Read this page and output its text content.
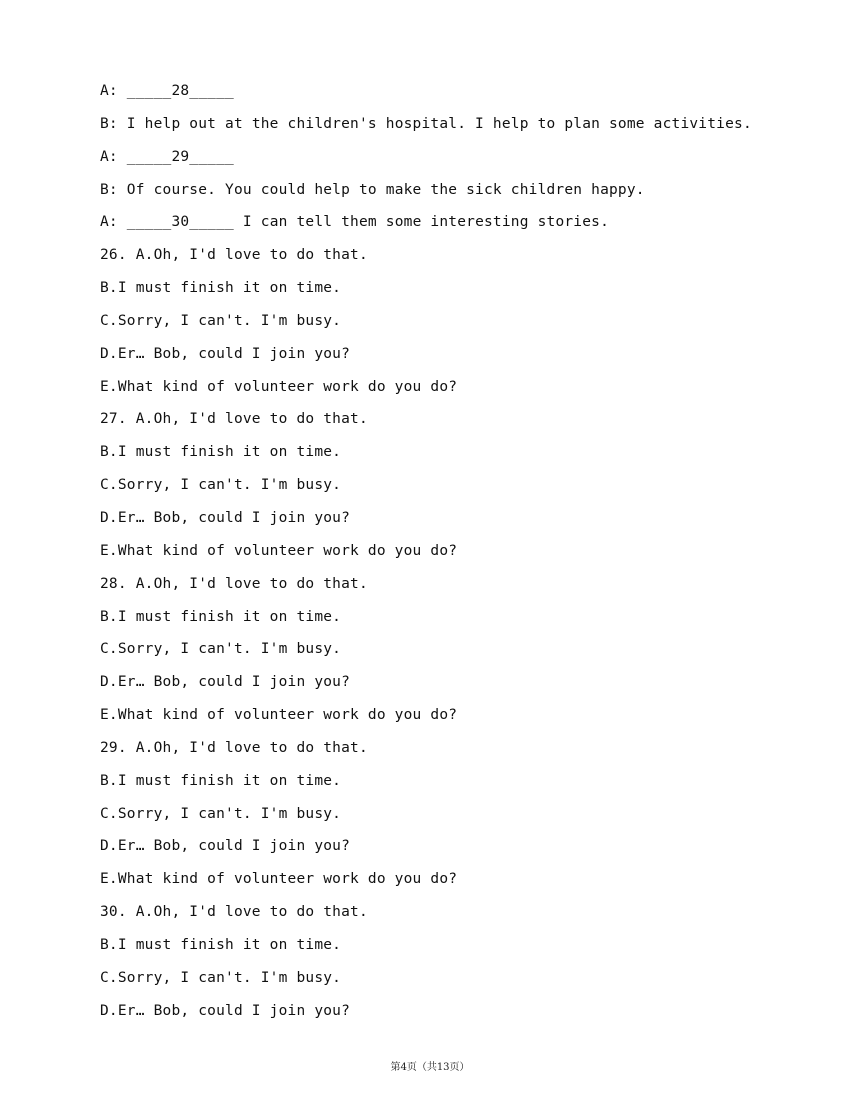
A: _____28_____
B: I help out at the children's hospital. I help to plan some activities.
A: _____29_____
B: Of course. You could help to make the sick children happy.
A: _____30_____ I can tell them some interesting stories.
26. A.Oh, I'd love to do that.
B.I must finish it on time.
C.Sorry, I can't. I'm busy.
D.Er… Bob, could I join you?
E.What kind of volunteer work do you do?
27. A.Oh, I'd love to do that.
B.I must finish it on time.
C.Sorry, I can't. I'm busy.
D.Er… Bob, could I join you?
E.What kind of volunteer work do you do?
28. A.Oh, I'd love to do that.
B.I must finish it on time.
C.Sorry, I can't. I'm busy.
D.Er… Bob, could I join you?
E.What kind of volunteer work do you do?
29. A.Oh, I'd love to do that.
B.I must finish it on time.
C.Sorry, I can't. I'm busy.
D.Er… Bob, could I join you?
E.What kind of volunteer work do you do?
30. A.Oh, I'd love to do that.
B.I must finish it on time.
C.Sorry, I can't. I'm busy.
D.Er… Bob, could I join you?
第4页（共13页）
